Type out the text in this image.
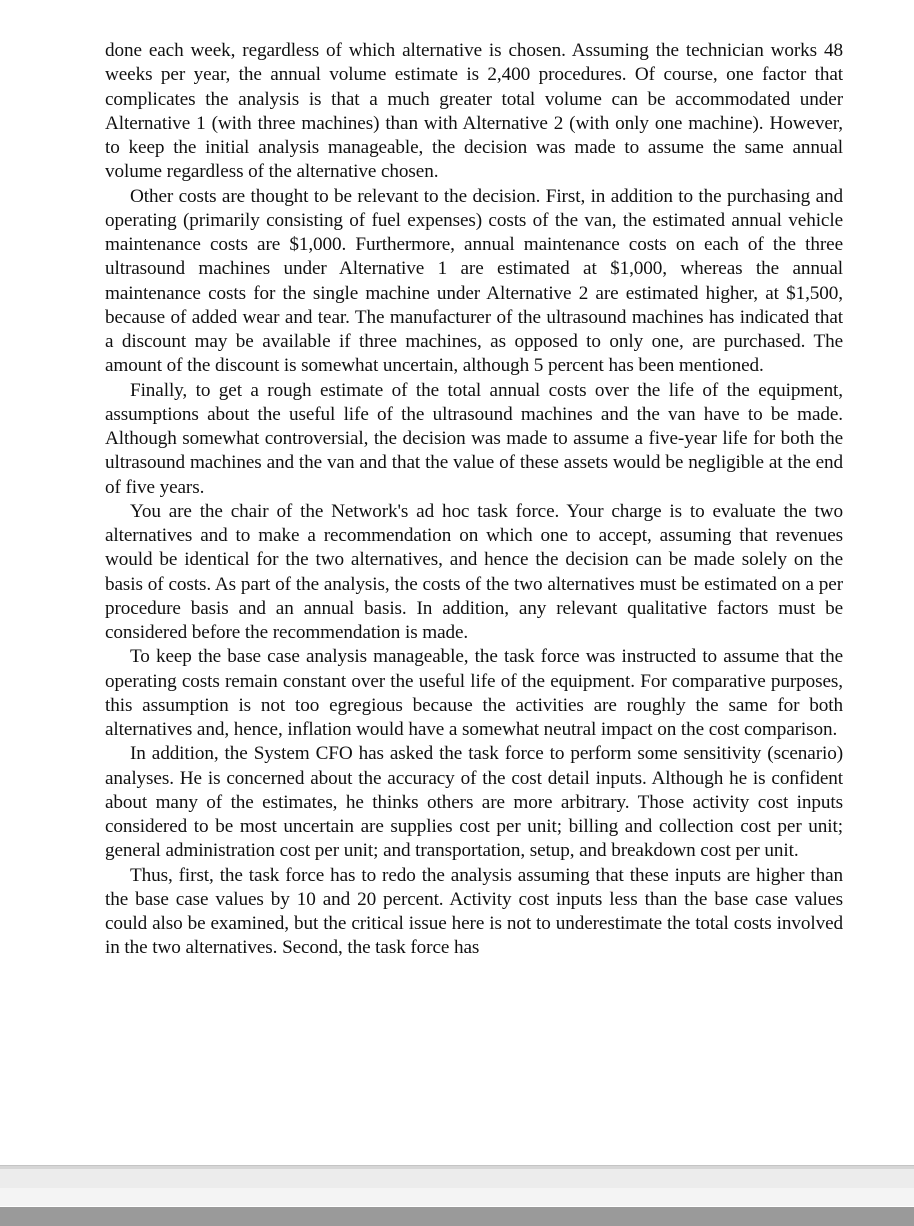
done each week, regardless of which alternative is chosen. Assuming the technician works 48 weeks per year, the annual volume estimate is 2,400 procedures. Of course, one factor that complicates the analysis is that a much greater total volume can be accommodated under Alternative 1 (with three machines) than with Alternative 2 (with only one machine). However, to keep the initial analysis manageable, the decision was made to assume the same annual volume regardless of the alternative chosen.

Other costs are thought to be relevant to the decision. First, in addition to the purchasing and operating (primarily consisting of fuel expenses) costs of the van, the estimated annual vehicle maintenance costs are $1,000. Furthermore, annual maintenance costs on each of the three ultrasound machines under Alternative 1 are estimated at $1,000, whereas the annual maintenance costs for the single machine under Alternative 2 are estimated higher, at $1,500, because of added wear and tear. The manufacturer of the ultrasound machines has indicated that a discount may be available if three machines, as opposed to only one, are purchased. The amount of the discount is somewhat uncertain, although 5 percent has been mentioned.

Finally, to get a rough estimate of the total annual costs over the life of the equipment, assumptions about the useful life of the ultrasound machines and the van have to be made. Although somewhat controversial, the decision was made to assume a five-year life for both the ultrasound machines and the van and that the value of these assets would be negligible at the end of five years.

You are the chair of the Network's ad hoc task force. Your charge is to evaluate the two alternatives and to make a recommendation on which one to accept, assuming that revenues would be identical for the two alternatives, and hence the decision can be made solely on the basis of costs. As part of the analysis, the costs of the two alternatives must be estimated on a per procedure basis and an annual basis. In addition, any relevant qualitative factors must be considered before the recommendation is made.

To keep the base case analysis manageable, the task force was instructed to assume that the operating costs remain constant over the useful life of the equipment. For comparative purposes, this assumption is not too egregious because the activities are roughly the same for both alternatives and, hence, inflation would have a somewhat neutral impact on the cost comparison.

In addition, the System CFO has asked the task force to perform some sensitivity (scenario) analyses. He is concerned about the accuracy of the cost detail inputs. Although he is confident about many of the estimates, he thinks others are more arbitrary. Those activity cost inputs considered to be most uncertain are supplies cost per unit; billing and collection cost per unit; general administration cost per unit; and transportation, setup, and breakdown cost per unit.

Thus, first, the task force has to redo the analysis assuming that these inputs are higher than the base case values by 10 and 20 percent. Activity cost inputs less than the base case values could also be examined, but the critical issue here is not to underestimate the total costs involved in the two alternatives. Second, the task force has
